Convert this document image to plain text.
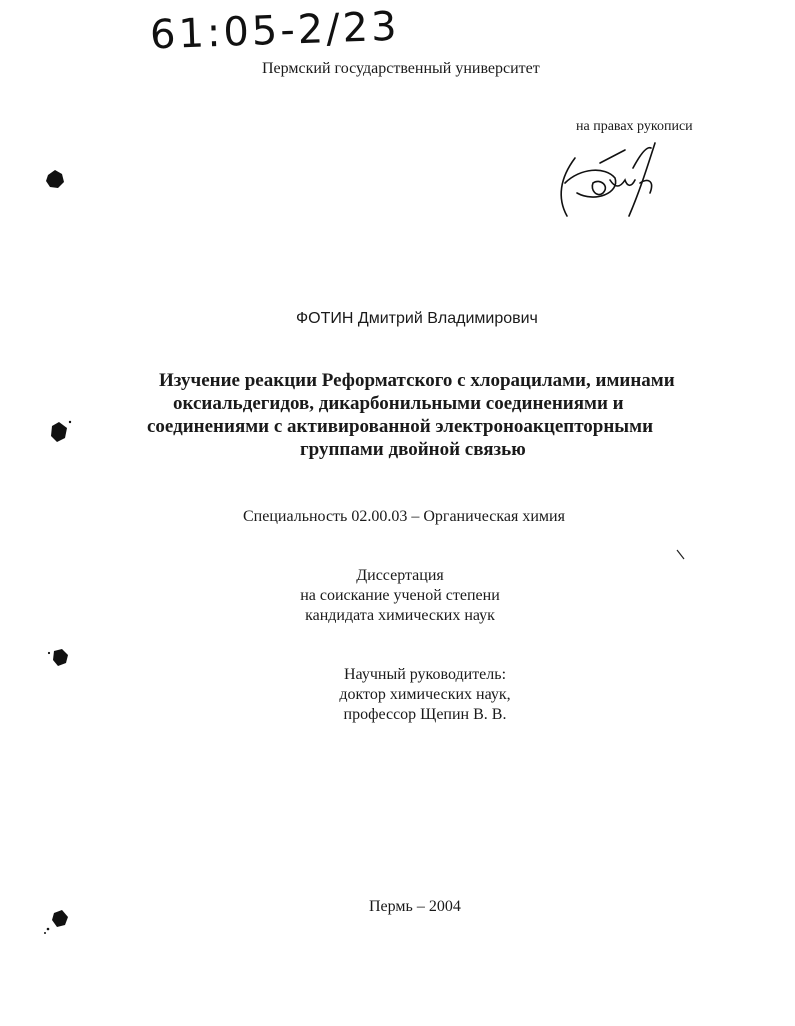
61:05-2/23
Пермский государственный университет
на правах рукописи
ФОТИН Дмитрий Владимирович
Изучение реакции Реформатского с хлорацилами, иминами
оксиальдегидов, дикарбонильными соединениями и
соединениями с активированной электроноакцепторными
группами двойной связью
Специальность 02.00.03 – Органическая химия
Диссертация
на соискание ученой степени
кандидата химических наук
Научный руководитель:
доктор химических наук,
профессор Щепин В. В.
Пермь – 2004
